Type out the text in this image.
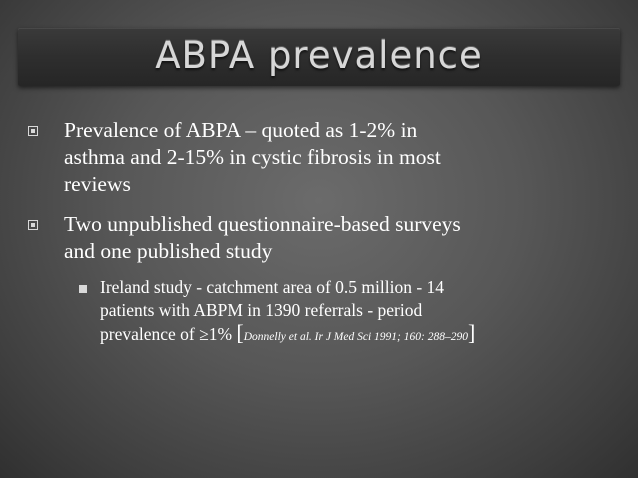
ABPA prevalence
Prevalence of ABPA – quoted as 1-2% in
asthma and 2-15% in cystic fibrosis in most
reviews
Two unpublished questionnaire-based surveys
and one published study
Ireland study - catchment area of 0.5 million - 14
patients with ABPM in 1390 referrals - period
prevalence of ≥1% [Donnelly et al. Ir J Med Sci 1991; 160: 288–290]
